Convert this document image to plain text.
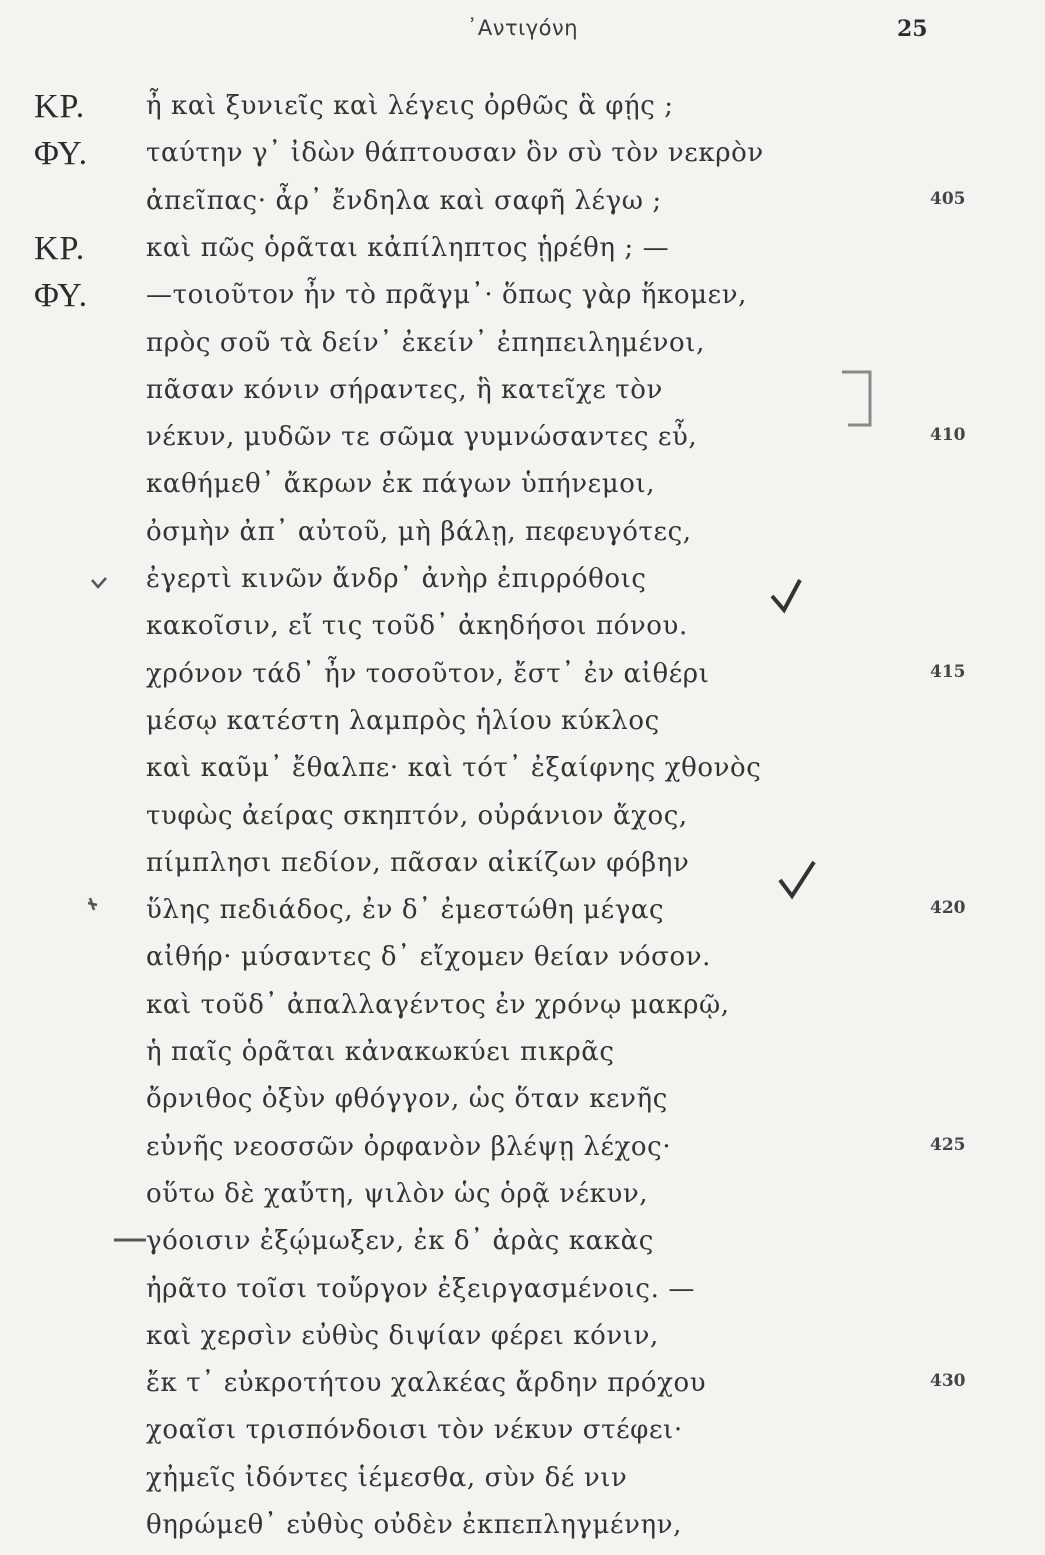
᾽Αντιγόνη	25
ΚΡ. ἦ καὶ ξυνιεῖς καὶ λέγεις ὀρθῶς ἃ φῄς ;
ΦΥ. ταύτην γ᾽ ἰδὼν θάπτουσαν ὃν σὺ τὸν νεκρὸν
ἀπεῖπας· ἆρ᾽ ἔνδηλα καὶ σαφῆ λέγω ;	405
ΚΡ. καὶ πῶς ὁρᾶται κἀπίληπτος ᾑρέθη ; —
ΦΥ. —τοιοῦτον ἦν τὸ πρᾶγμ᾽· ὅπως γὰρ ἥκομεν,
πρὸς σοῦ τὰ δείν᾽ ἐκείν᾽ ἐπηπειλημένοι,
πᾶσαν κόνιν σήραντες, ἣ κατεῖχε τὸν
νέκυν, μυδῶν τε σῶμα γυμνώσαντες εὖ,	410
καθήμεθ᾽ ἄκρων ἐκ πάγων ὑπήνεμοι,
ὀσμὴν ἀπ᾽ αὐτοῦ, μὴ βάλῃ, πεφευγότες,
ἐγερτὶ κινῶν ἄνδρ᾽ ἀνὴρ ἐπιρρόθοις
κακοῖσιν, εἴ τις τοῦδ᾽ ἀκηδήσοι πόνου.
χρόνον τάδ᾽ ἦν τοσοῦτον, ἔστ᾽ ἐν αἰθέρι	415
μέσῳ κατέστη λαμπρὸς ἡλίου κύκλος
καὶ καῦμ᾽ ἔθαλπε· καὶ τότ᾽ ἐξαίφνης χθονὸς
τυφὼς ἀείρας σκηπτόν, οὐράνιον ἄχος,
πίμπλησι πεδίον, πᾶσαν αἰκίζων φόβην
ὕλης πεδιάδος, ἐν δ᾽ ἐμεστώθη μέγας	420
αἰθήρ· μύσαντες δ᾽ εἴχομεν θείαν νόσον.
καὶ τοῦδ᾽ ἀπαλλαγέντος ἐν χρόνῳ μακρῷ,
ἡ παῖς ὁρᾶται κἀνακωκύει πικρᾶς
ὄρνιθος ὀξὺν φθόγγον, ὡς ὅταν κενῆς
εὐνῆς νεοσσῶν ὀρφανὸν βλέψῃ λέχος·	425
οὕτω δὲ χαὔτη, ψιλὸν ὡς ὁρᾷ νέκυν,
γόοισιν ἐξῴμωξεν, ἐκ δ᾽ ἀρὰς κακὰς
ἠρᾶτο τοῖσι τοὔργον ἐξειργασμένοις. —
καὶ χερσὶν εὐθὺς διψίαν φέρει κόνιν,
ἔκ τ᾽ εὐκροτήτου χαλκέας ἄρδην πρόχου	430
χοαῖσι τρισπόνδοισι τὸν νέκυν στέφει·
χἠμεῖς ἰδόντες ἱέμεσθα, σὺν δέ νιν
θηρώμεθ᾽ εὐθὺς οὐδὲν ἐκπεπληγμένην,
